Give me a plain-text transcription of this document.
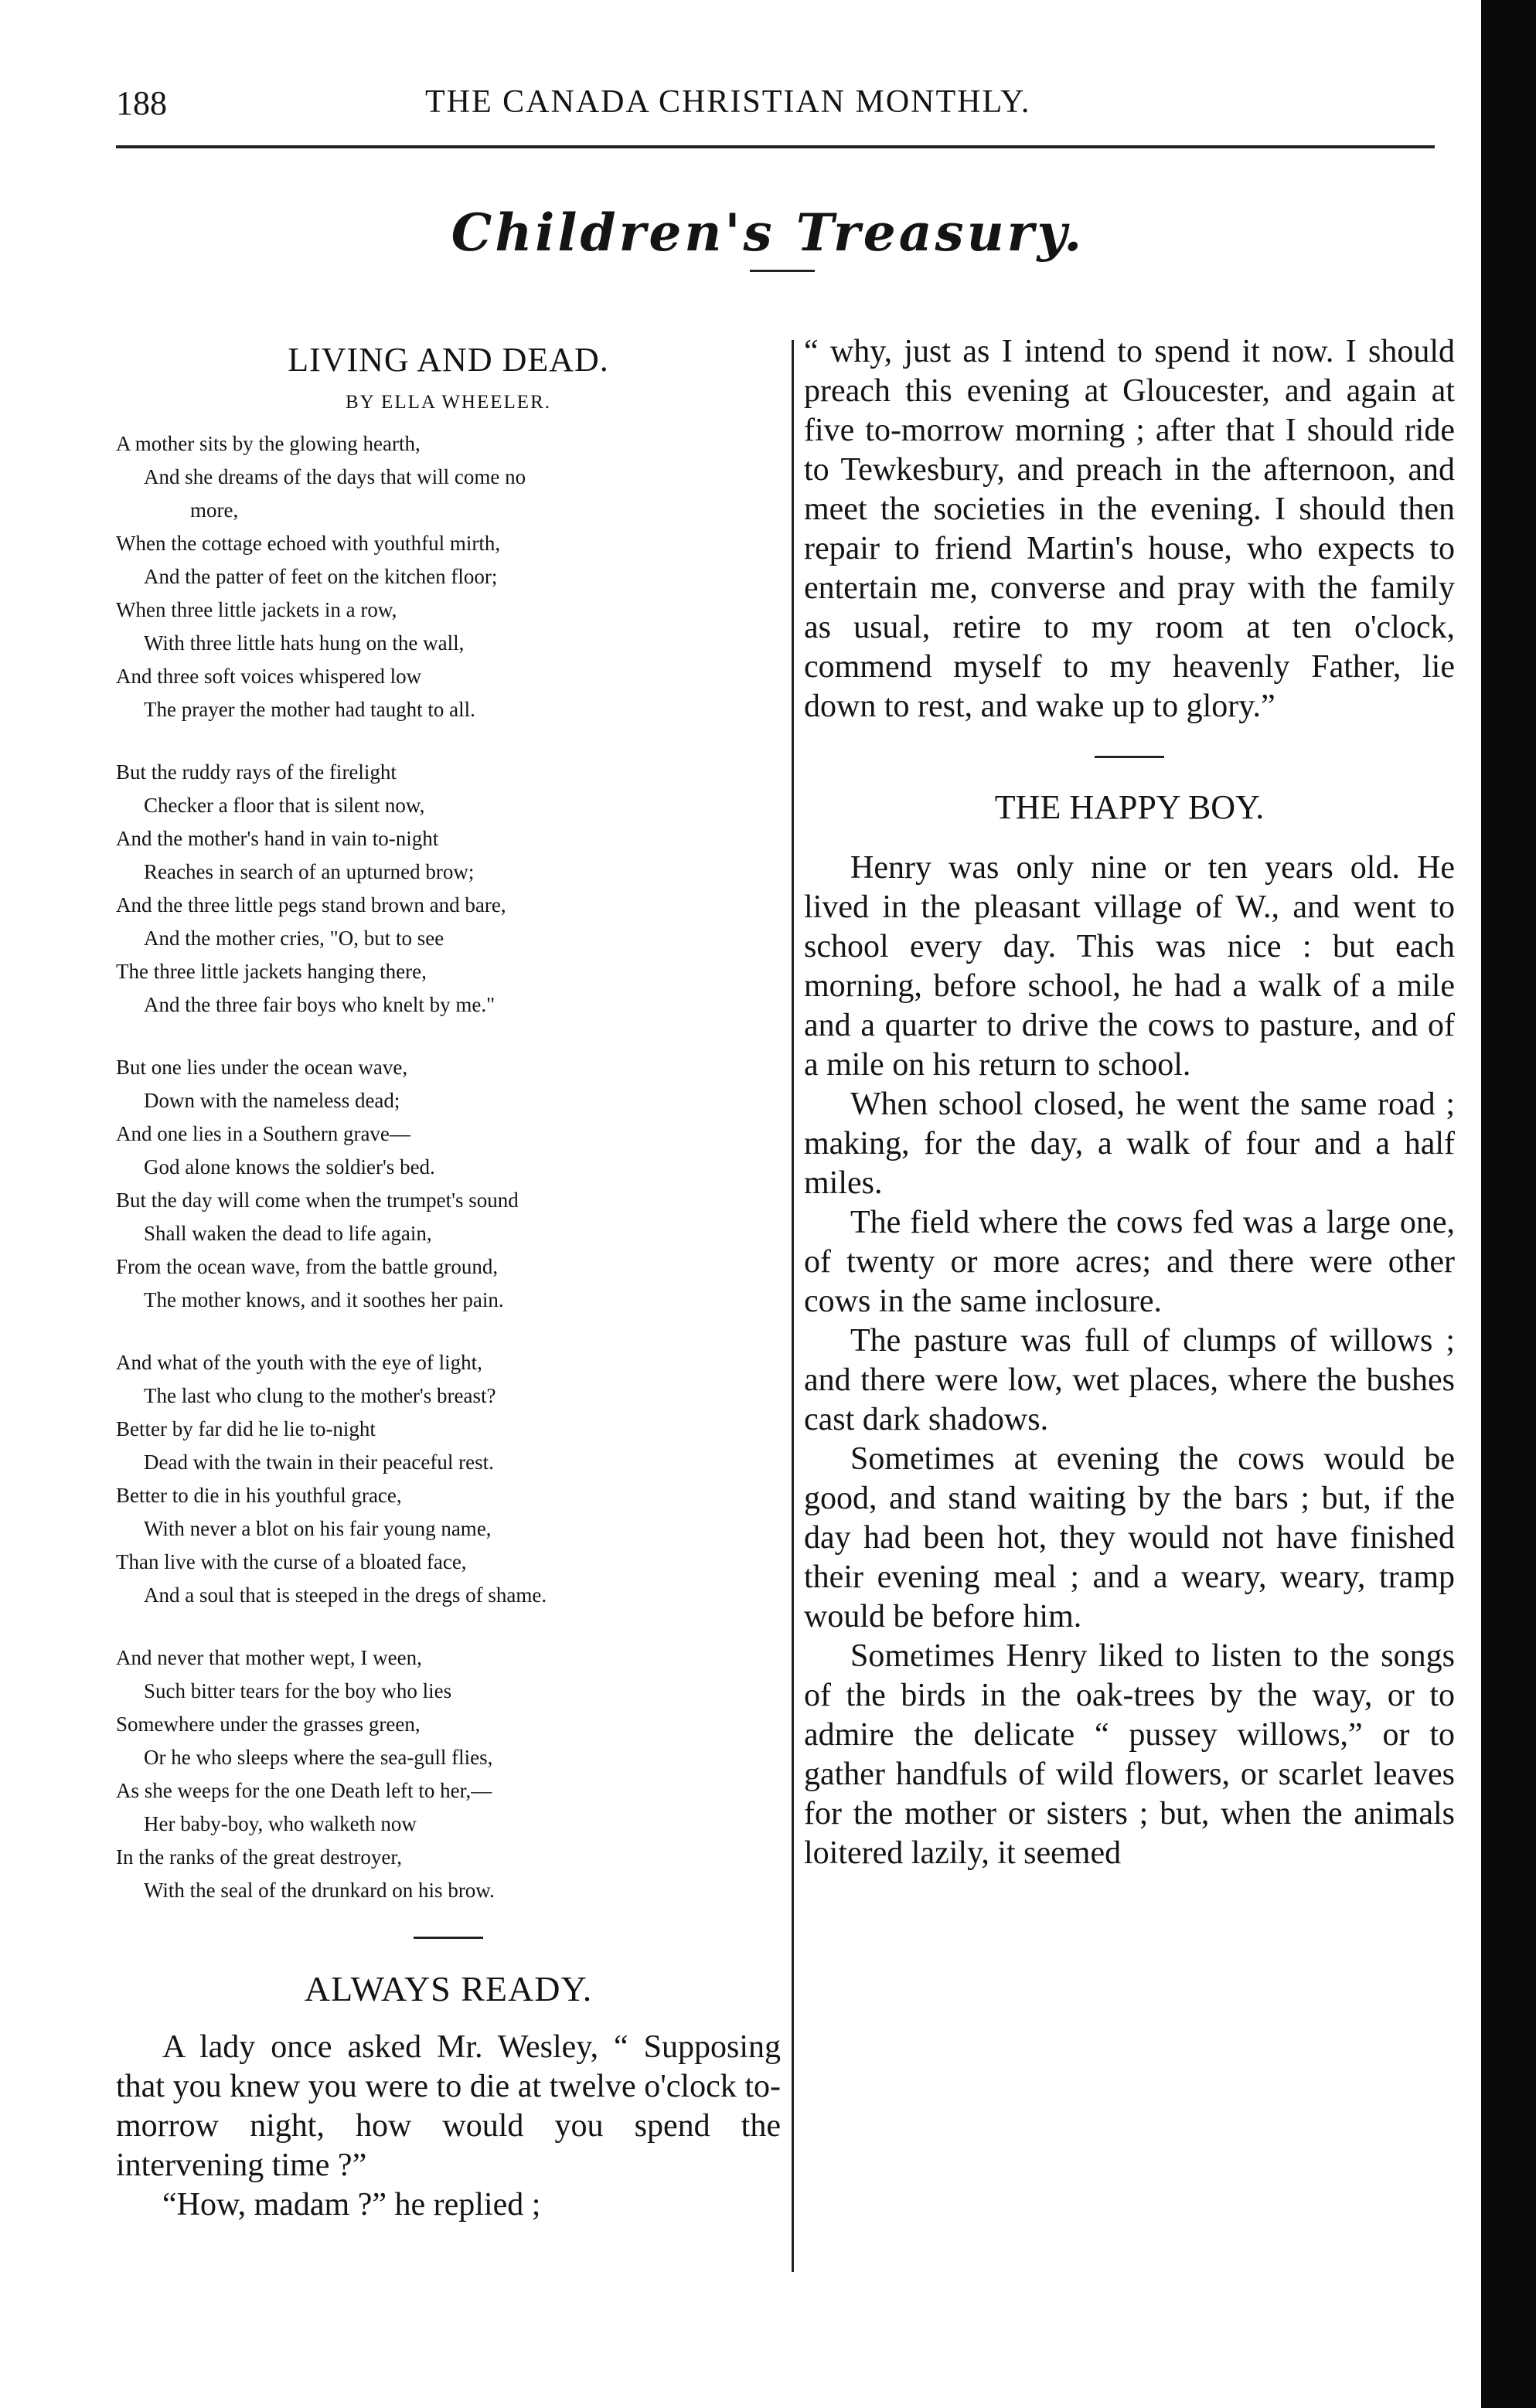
188	THE CANADA CHRISTIAN MONTHLY.
Children's Treasury.
LIVING AND DEAD.
BY ELLA WHEELER.
A mother sits by the glowing hearth,
And she dreams of the days that will come no
more,
When the cottage echoed with youthful mirth,
And the patter of feet on the kitchen floor;
When three little jackets in a row,
With three little hats hung on the wall,
And three soft voices whispered low
The prayer the mother had taught to all.
But the ruddy rays of the firelight
Checker a floor that is silent now,
And the mother's hand in vain to-night
Reaches in search of an upturned brow;
And the three little pegs stand brown and bare,
And the mother cries, "O, but to see
The three little jackets hanging there,
And the three fair boys who knelt by me."
But one lies under the ocean wave,
Down with the nameless dead;
And one lies in a Southern grave—
God alone knows the soldier's bed.
But the day will come when the trumpet's sound
Shall waken the dead to life again,
From the ocean wave, from the battle ground,
The mother knows, and it soothes her pain.
And what of the youth with the eye of light,
The last who clung to the mother's breast?
Better by far did he lie to-night
Dead with the twain in their peaceful rest.
Better to die in his youthful grace,
With never a blot on his fair young name,
Than live with the curse of a bloated face,
And a soul that is steeped in the dregs of shame.
And never that mother wept, I ween,
Such bitter tears for the boy who lies
Somewhere under the grasses green,
Or he who sleeps where the sea-gull flies,
As she weeps for the one Death left to her,—
Her baby-boy, who walketh now
In the ranks of the great destroyer,
With the seal of the drunkard on his brow.
ALWAYS READY.

A lady once asked Mr. Wesley, “ Supposing that you knew you were to die at twelve o'clock to-morrow night, how would you spend the intervening time ?”

“How, madam ?” he replied ;

“ why, just as I intend to spend it now. I should preach this evening at Gloucester, and again at five to-morrow morning ; after that I should ride to Tewkesbury, and preach in the afternoon, and meet the societies in the evening. I should then repair to friend Martin's house, who expects to entertain me, converse and pray with the family as usual, retire to my room at ten o'clock, commend myself to my heavenly Father, lie down to rest, and wake up to glory.”

THE HAPPY BOY.

Henry was only nine or ten years old. He lived in the pleasant village of W., and went to school every day. This was nice : but each morning, before school, he had a walk of a mile and a quarter to drive the cows to pasture, and of a mile on his return to school.

When school closed, he went the same road ; making, for the day, a walk of four and a half miles.

The field where the cows fed was a large one, of twenty or more acres; and there were other cows in the same inclosure.

The pasture was full of clumps of willows ; and there were low, wet places, where the bushes cast dark shadows.

Sometimes at evening the cows would be good, and stand waiting by the bars ; but, if the day had been hot, they would not have finished their evening meal ; and a weary, weary, tramp would be before him.

Sometimes Henry liked to listen to the songs of the birds in the oak-trees by the way, or to admire the delicate “ pussey willows,” or to gather handfuls of wild flowers, or scarlet leaves for the mother or sisters ; but, when the animals loitered lazily, it seemed
